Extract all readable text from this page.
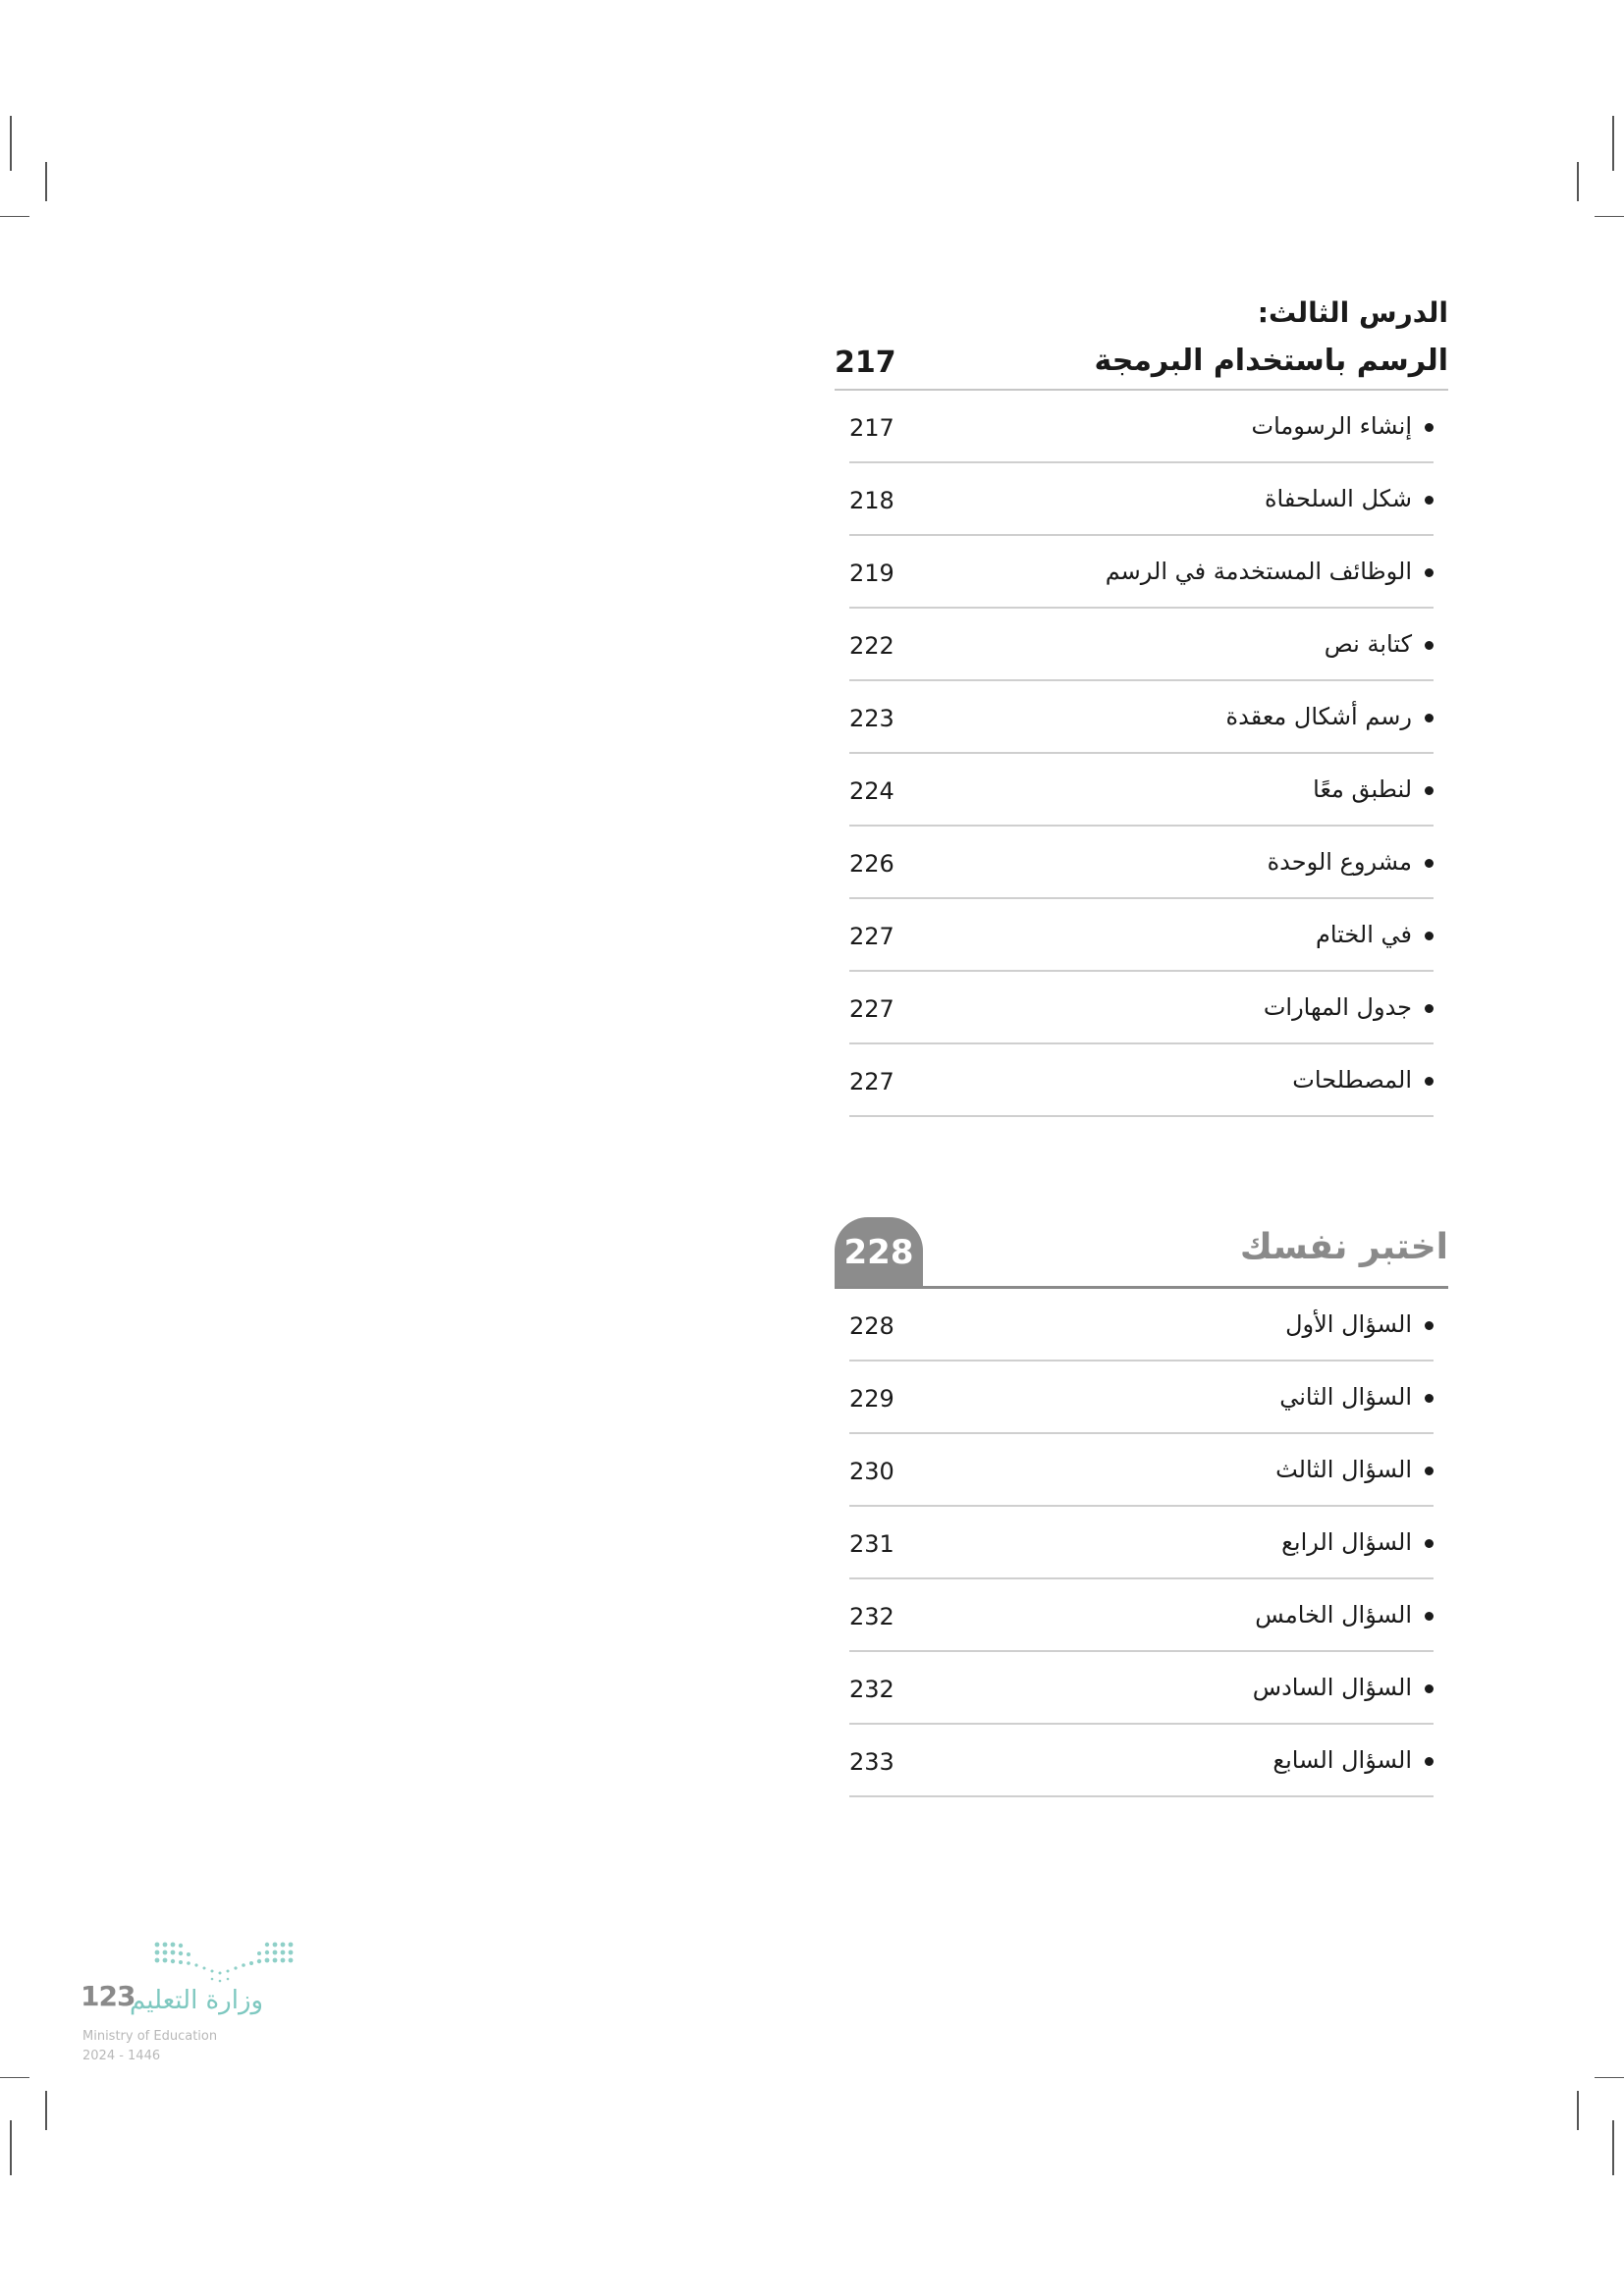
الدرس الثالث:
الرسم باستخدام البرمجة
217
إنشاء الرسومات
217
شكل السلحفاة
218
الوظائف المستخدمة في الرسم
219
كتابة نص
222
رسم أشكال معقدة
223
لنطبق معًا
224
مشروع الوحدة
226
في الختام
227
جدول المهارات
227
المصطلحات
227
اختبر نفسك
228
السؤال الأول
228
السؤال الثاني
229
السؤال الثالث
230
السؤال الرابع
231
السؤال الخامس
232
السؤال السادس
232
السؤال السابع
233
123
وزارة التعليم
Ministry of Education
2024 - 1446
